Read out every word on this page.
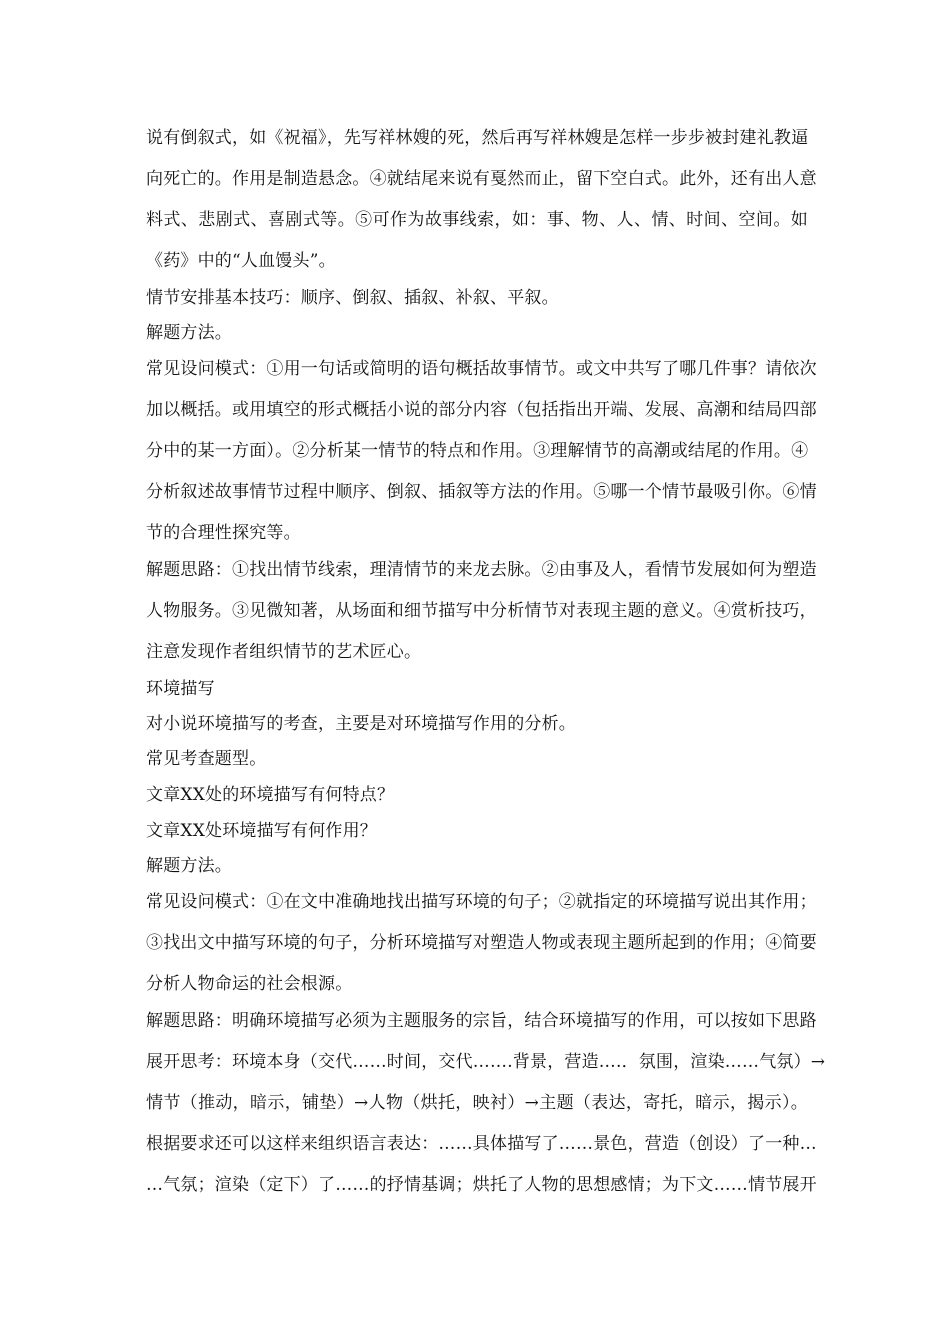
说有倒叙式，如《祝福》，先写祥林嫂的死，然后再写祥林嫂是怎样一步步被封建礼教逼
向死亡的。作用是制造悬念。④就结尾来说有戛然而止，留下空白式。此外，还有出人意
料式、悲剧式、喜剧式等。⑤可作为故事线索，如：事、物、人、情、时间、空间。如
《药》中的“人血馒头”。
情节安排基本技巧：顺序、倒叙、插叙、补叙、平叙。
解题方法。
常见设问模式：①用一句话或简明的语句概括故事情节。或文中共写了哪几件事？请依次
加以概括。或用填空的形式概括小说的部分内容（包括指出开端、发展、高潮和结局四部
分中的某一方面）。②分析某一情节的特点和作用。③理解情节的高潮或结尾的作用。④
分析叙述故事情节过程中顺序、倒叙、插叙等方法的作用。⑤哪一个情节最吸引你。⑥情
节的合理性探究等。
解题思路：①找出情节线索，理清情节的来龙去脉。②由事及人，看情节发展如何为塑造
人物服务。③见微知著，从场面和细节描写中分析情节对表现主题的意义。④赏析技巧，
注意发现作者组织情节的艺术匠心。
环境描写
对小说环境描写的考查，主要是对环境描写作用的分析。
常见考查题型。
文章XX处的环境描写有何特点？
文章XX处环境描写有何作用？
解题方法。
常见设问模式：①在文中准确地找出描写环境的句子；②就指定的环境描写说出其作用；
③找出文中描写环境的句子，分析环境描写对塑造人物或表现主题所起到的作用；④简要
分析人物命运的社会根源。
解题思路：明确环境描写必须为主题服务的宗旨，结合环境描写的作用，可以按如下思路
展开思考：环境本身（交代……时间，交代…….背景，营造….．氛围，渲染……气氛）→
情节（推动，暗示，铺垫）→人物（烘托，映衬）→主题（表达，寄托，暗示，揭示）。
根据要求还可以这样来组织语言表达：……具体描写了……景色，营造（创设）了一种…
…气氛；渲染（定下）了……的抒情基调；烘托了人物的思想感情；为下文……情节展开
